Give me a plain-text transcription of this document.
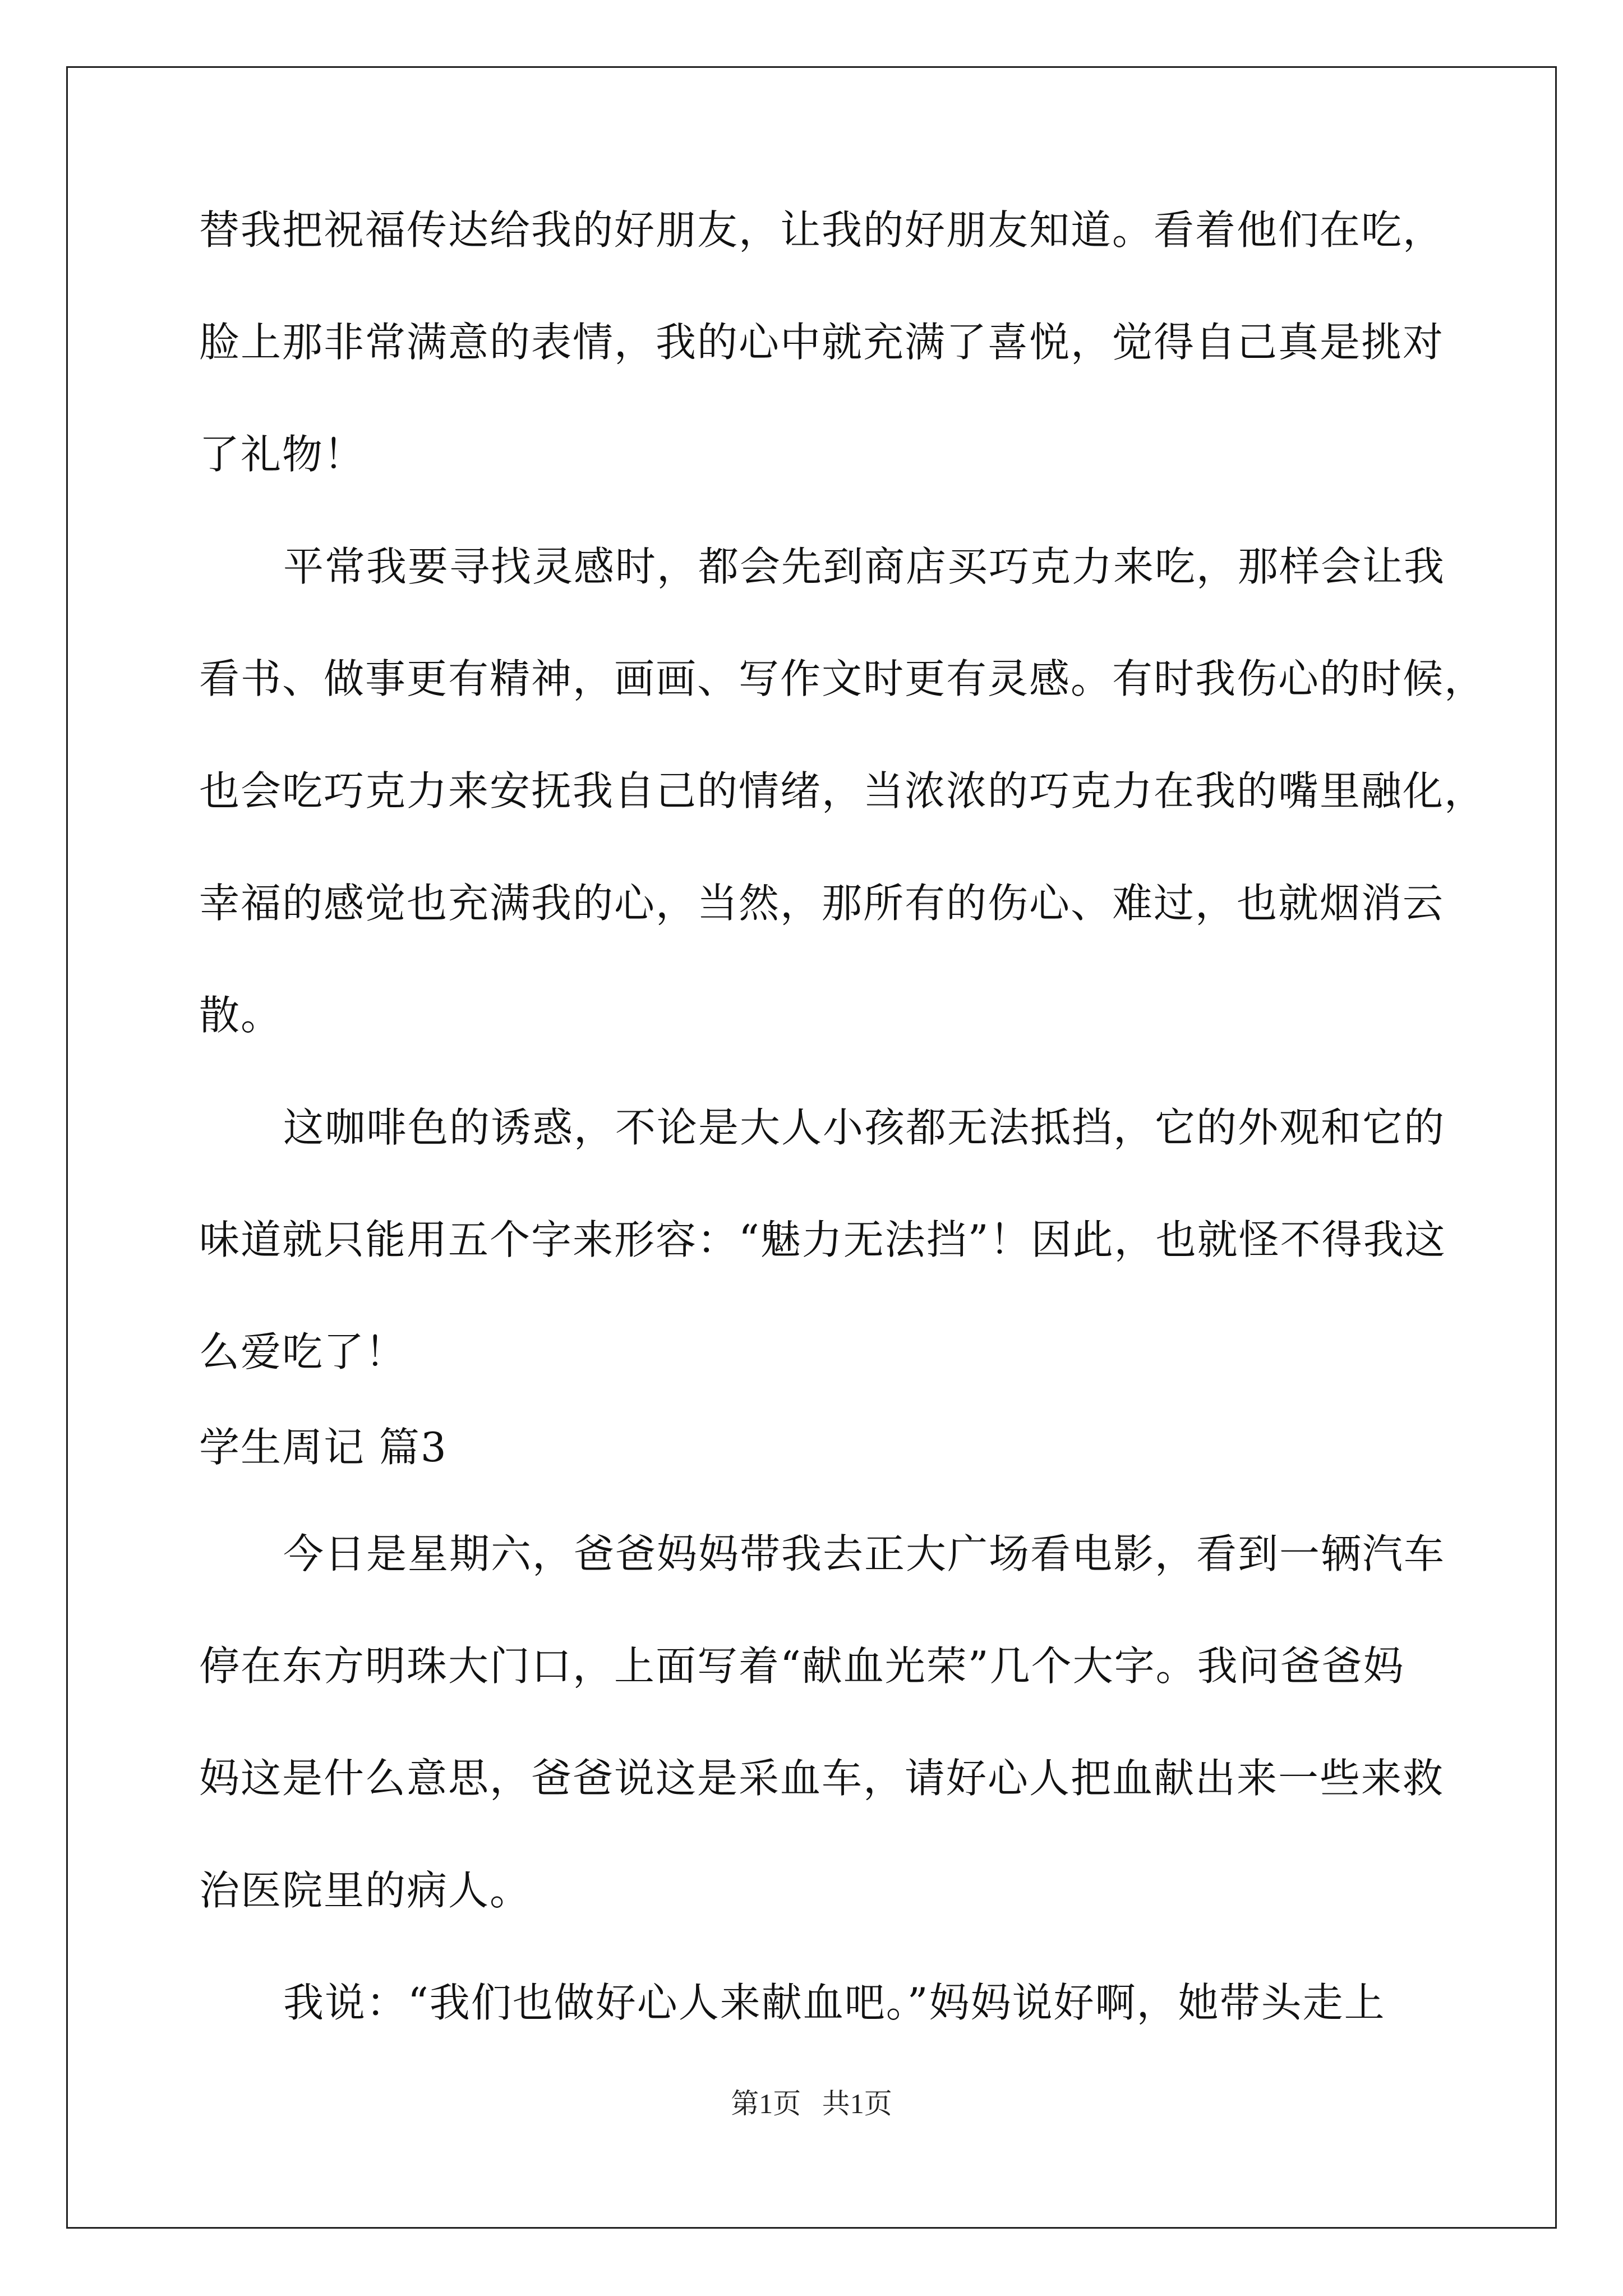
替我把祝福传达给我的好朋友，让我的好朋友知道。看着他们在吃，
脸上那非常满意的表情，我的心中就充满了喜悦，觉得自己真是挑对
了礼物！
平常我要寻找灵感时，都会先到商店买巧克力来吃，那样会让我
看书、做事更有精神，画画、写作文时更有灵感。有时我伤心的时候，
也会吃巧克力来安抚我自己的情绪，当浓浓的巧克力在我的嘴里融化，
幸福的感觉也充满我的心，当然，那所有的伤心、难过，也就烟消云
散。
这咖啡色的诱惑，不论是大人小孩都无法抵挡，它的外观和它的
味道就只能用五个字来形容：“魅力无法挡”！因此，也就怪不得我这
么爱吃了！
学生周记 篇3
今日是星期六，爸爸妈妈带我去正大广场看电影，看到一辆汽车
停在东方明珠大门口，上面写着“献血光荣”几个大字。我问爸爸妈
妈这是什么意思，爸爸说这是采血车，请好心人把血献出来一些来救
治医院里的病人。
我说：“我们也做好心人来献血吧。”妈妈说好啊，她带头走上
第1页   共1页
